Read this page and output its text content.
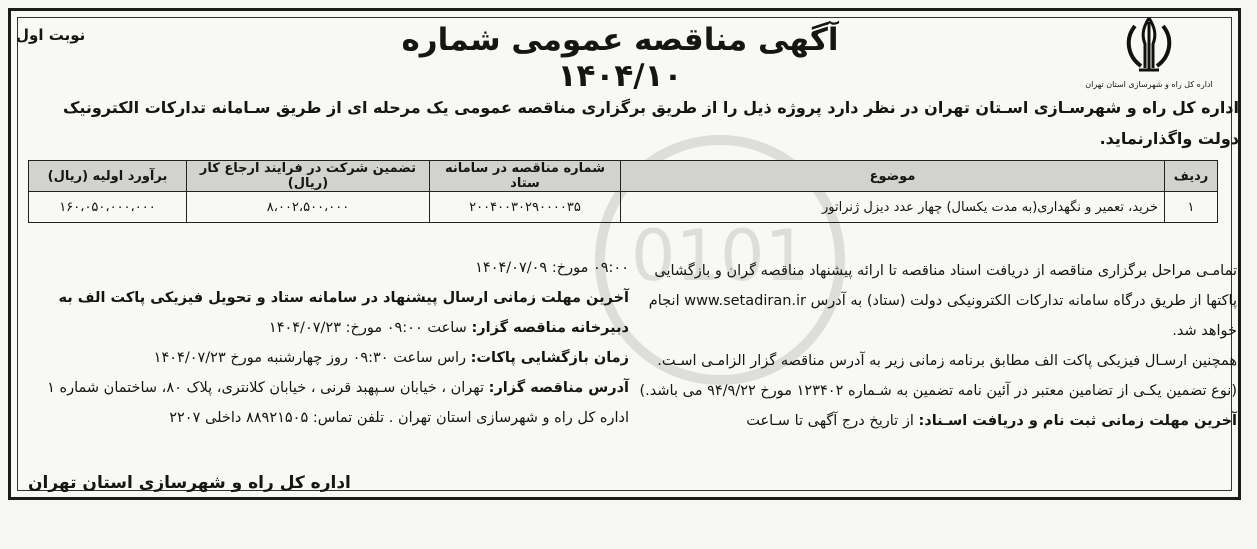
نوبت اول	آگهی مناقصه عمومی شماره ۱۴۰۴/۱۰	اداره کل راه و شهرسازی استان تهران
اداره کل راه و شهرسـازی اسـتان تهران در نظر دارد پروژه ذیل را از طریق برگزاری مناقصه عمومی یک مرحله ای از طریق سـامانه تدارکات الکترونیک دولت واگذارنماید.
ردیف	موضوع	شماره مناقصه در سامانه ستاد	تضمین شرکت در فرایند ارجاع کار (ریال)	برآورد اولیه (ریال)
۱	خرید، تعمیر و نگهداری(به مدت یکسال) چهار عدد دیزل ژنراتور	۲۰۰۴۰۰۳۰۲۹۰۰۰۰۳۵	۸،۰۰۲،۵۰۰،۰۰۰	۱۶۰،۰۵۰،۰۰۰،۰۰۰

تمامـی مراحل برگزاری مناقصه از دریافت اسناد مناقصه تا ارائه پیشنهاد مناقصه گران و بازگشایی پاکتها از طریق درگاه سامانه تدارکات الکترونیکی دولت (ستاد) به آدرس www.setadiran.ir انجام خواهد شد.

همچنین ارسـال فیزیکی پاکت الف مطابق برنامه زمانی زیر به آدرس مناقصه گزار الزامـی اسـت. (نوع تضمین یکـی از تضامین معتبر در آئین نامه تضمین به شـماره ۱۲۳۴۰۲ مورخ ۹۴/۹/۲۲ می باشد.)

آخرین مهلت زمانی ثبت نام و دریافت اسـناد: از تاریخ درج آگهی تا سـاعت

۰۹:۰۰ مورخ: ۱۴۰۴/۰۷/۰۹

آخرین مهلت زمانی ارسال پیشنهاد در سامانه ستاد و تحویل فیزیکی پاکت الف به دبیرخانه مناقصه گزار: ساعت ۰۹:۰۰ مورخ: ۱۴۰۴/۰۷/۲۳

زمان بازگشایی پاکات: راس ساعت ۰۹:۳۰ روز چهارشنبه مورخ ۱۴۰۴/۰۷/۲۳

آدرس مناقصه گزار: تهران ، خیابان سـپهبد قرنی ، خیابان کلانتری، پلاک ۸۰، ساختمان شماره ۱ اداره کل راه و شهرسازی استان تهران . تلفن تماس: ۸۸۹۲۱۵۰۵ داخلی ۲۲۰۷

اداره کل راه و شهرسازی استان تهران
